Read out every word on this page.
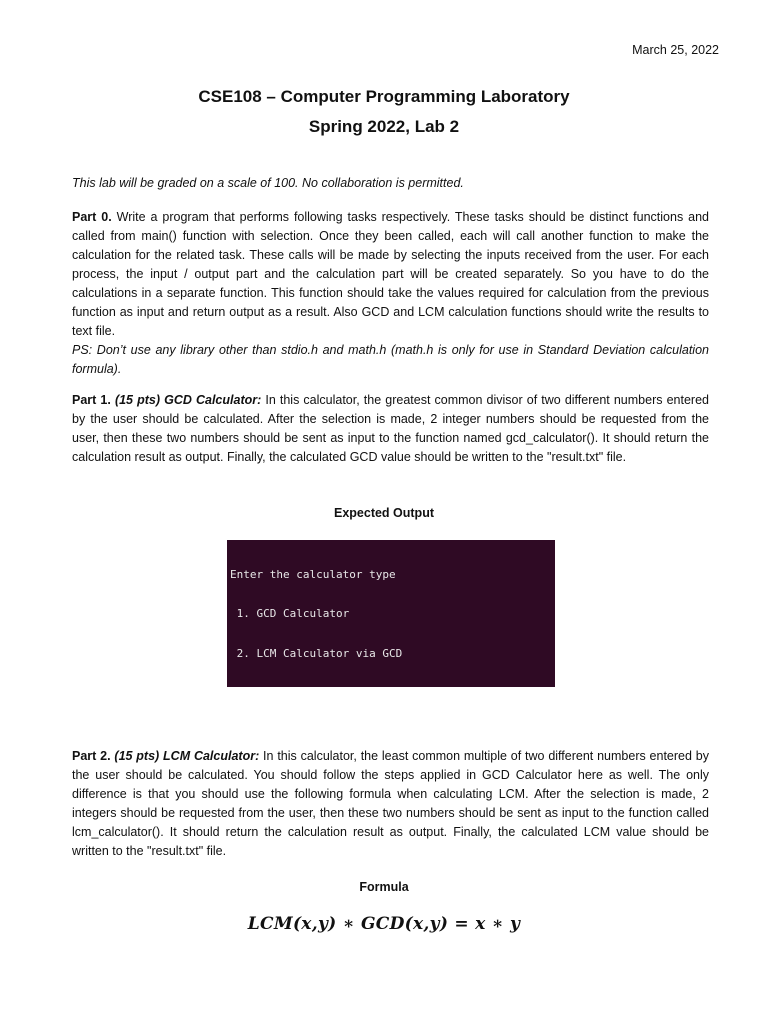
March 25, 2022
CSE108 – Computer Programming Laboratory
Spring 2022, Lab 2
This lab will be graded on a scale of 100. No collaboration is permitted.
Part 0. Write a program that performs following tasks respectively. These tasks should be distinct functions and called from main() function with selection. Once they been called, each will call another function to make the calculation for the related task. These calls will be made by selecting the inputs received from the user. For each process, the input / output part and the calculation part will be created separately. So you have to do the calculations in a separate function. This function should take the values required for calculation from the previous function as input and return output as a result. Also GCD and LCM calculation functions should write the results to text file.
PS: Don’t use any library other than stdio.h and math.h (math.h is only for use in Standard Deviation calculation formula).
Part 1. (15 pts) GCD Calculator: In this calculator, the greatest common divisor of two different numbers entered by the user should be calculated. After the selection is made, 2 integer numbers should be requested from the user, then these two numbers should be sent as input to the function named gcd_calculator(). It should return the calculation result as output. Finally, the calculated GCD value should be written to the "result.txt" file.
Expected Output

Enter the calculator type

1. GCD Calculator

2. LCM Calculator via GCD

Part 2. (15 pts) LCM Calculator: In this calculator, the least common multiple of two different numbers entered by the user should be calculated. You should follow the steps applied in GCD Calculator here as well. The only difference is that you should use the following formula when calculating LCM. After the selection is made, 2 integers should be requested from the user, then these two numbers should be sent as input to the function called lcm_calculator(). It should return the calculation result as output. Finally, the calculated LCM value should be written to the "result.txt" file.
Formula
LCM(x,y) ∗ GCD(x,y) = x ∗ y
